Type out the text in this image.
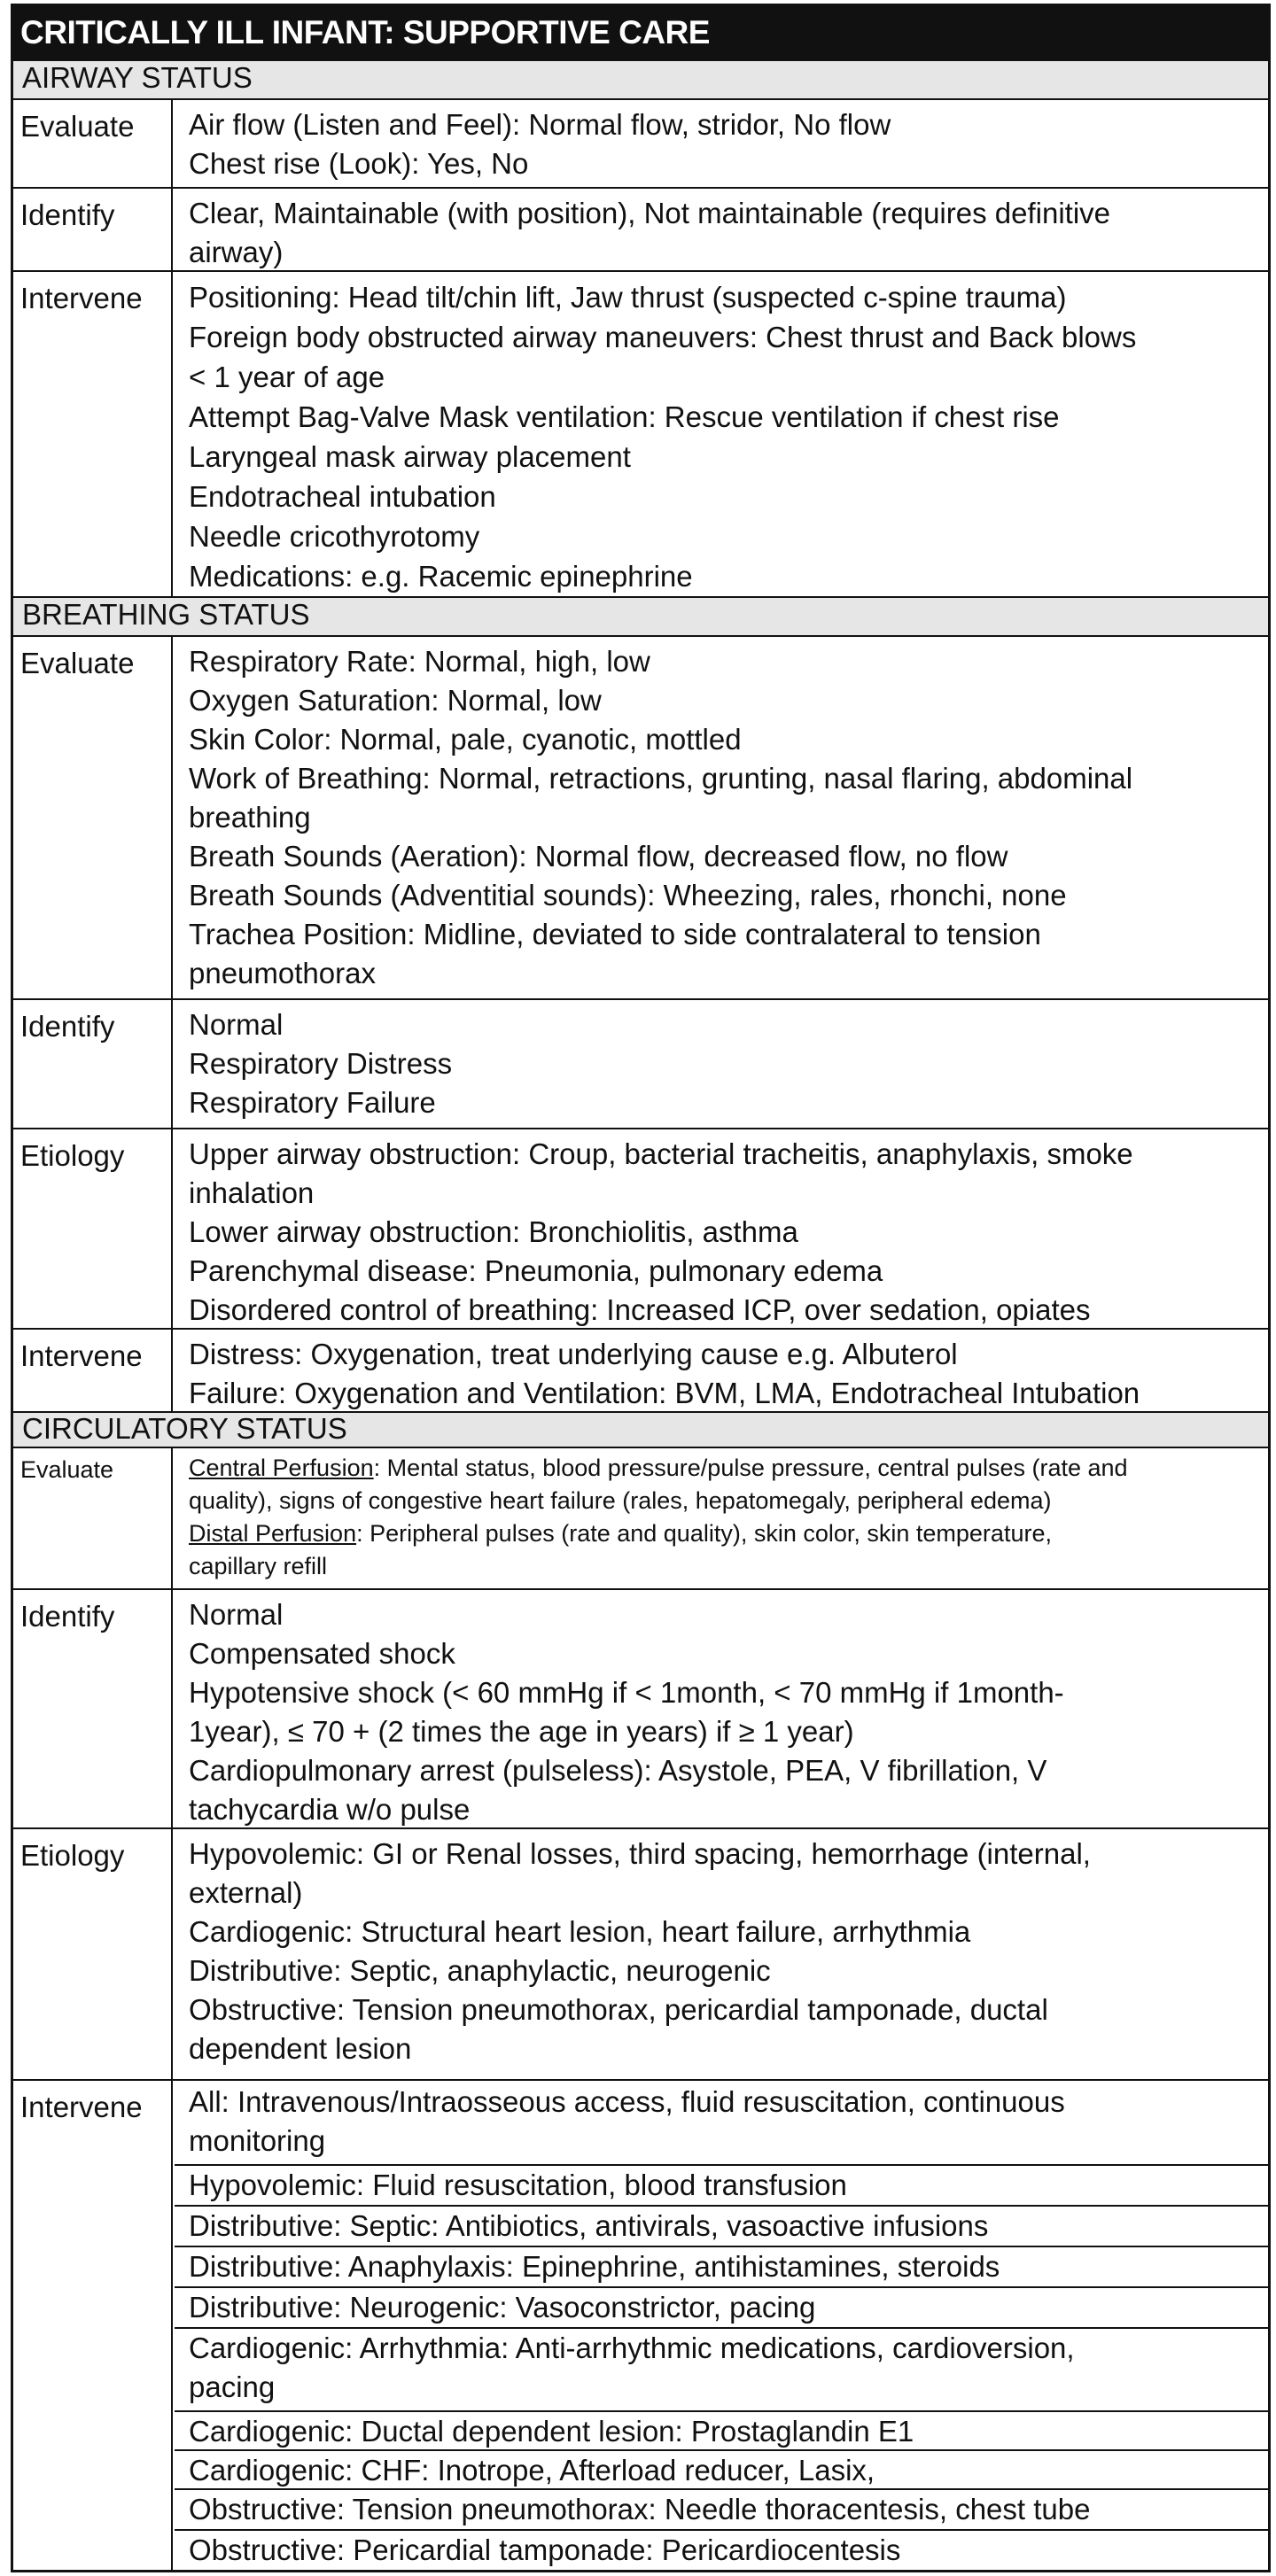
CRITICALLY ILL INFANT: SUPPORTIVE CARE
AIRWAY STATUS
Evaluate	Air flow (Listen and Feel): Normal flow, stridor, No flow
Chest rise (Look): Yes, No
Identify	Clear, Maintainable (with position), Not maintainable (requires definitive
airway)
Intervene	Positioning: Head tilt/chin lift, Jaw thrust (suspected c-spine trauma)
Foreign body obstructed airway maneuvers: Chest thrust and Back blows
< 1 year of age
Attempt Bag-Valve Mask ventilation: Rescue ventilation if chest rise
Laryngeal mask airway placement
Endotracheal intubation
Needle cricothyrotomy
Medications: e.g. Racemic epinephrine
BREATHING STATUS
Evaluate	Respiratory Rate: Normal, high, low
Oxygen Saturation: Normal, low
Skin Color: Normal, pale, cyanotic, mottled
Work of Breathing: Normal, retractions, grunting, nasal flaring, abdominal
breathing
Breath Sounds (Aeration): Normal flow, decreased flow, no flow
Breath Sounds (Adventitial sounds): Wheezing, rales, rhonchi, none
Trachea Position: Midline, deviated to side contralateral to tension
pneumothorax
Identify	Normal
Respiratory Distress
Respiratory Failure
Etiology	Upper airway obstruction: Croup, bacterial tracheitis, anaphylaxis, smoke
inhalation
Lower airway obstruction: Bronchiolitis, asthma
Parenchymal disease: Pneumonia, pulmonary edema
Disordered control of breathing: Increased ICP, over sedation, opiates
Intervene	Distress: Oxygenation, treat underlying cause e.g. Albuterol
Failure: Oxygenation and Ventilation: BVM, LMA, Endotracheal Intubation
CIRCULATORY STATUS
Evaluate	Central Perfusion: Mental status, blood pressure/pulse pressure, central pulses (rate and
quality), signs of congestive heart failure (rales, hepatomegaly, peripheral edema)
Distal Perfusion: Peripheral pulses (rate and quality), skin color, skin temperature,
capillary refill
Identify	Normal
Compensated shock
Hypotensive shock (< 60 mmHg if < 1month, < 70 mmHg if 1month-
1year), ≤ 70 + (2 times the age in years) if ≥ 1 year)
Cardiopulmonary arrest (pulseless): Asystole, PEA, V fibrillation, V
tachycardia w/o pulse
Etiology	Hypovolemic: GI or Renal losses, third spacing, hemorrhage (internal,
external)
Cardiogenic: Structural heart lesion, heart failure, arrhythmia
Distributive: Septic, anaphylactic, neurogenic
Obstructive: Tension pneumothorax, pericardial tamponade, ductal
dependent lesion
Intervene	All: Intravenous/Intraosseous access, fluid resuscitation, continuous
monitoring
Hypovolemic: Fluid resuscitation, blood transfusion
Distributive: Septic: Antibiotics, antivirals, vasoactive infusions
Distributive: Anaphylaxis: Epinephrine, antihistamines, steroids
Distributive: Neurogenic: Vasoconstrictor, pacing
Cardiogenic: Arrhythmia: Anti-arrhythmic medications, cardioversion,
pacing
Cardiogenic: Ductal dependent lesion: Prostaglandin E1
Cardiogenic: CHF: Inotrope, Afterload reducer, Lasix,
Obstructive: Tension pneumothorax: Needle thoracentesis, chest tube
Obstructive: Pericardial tamponade: Pericardiocentesis
